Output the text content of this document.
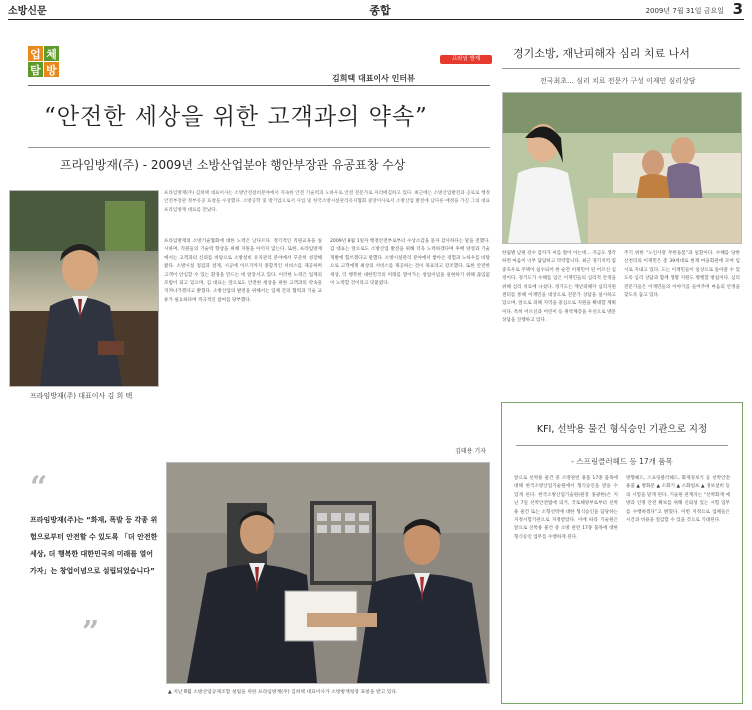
소방신문	종합	2009년 7월 31일 금요일 3
업 체
탐 방
프라임 방재
김희택 대표이사 인터뷰
“안전한 세상을 위한 고객과의 약속”
프라임방재(주) - 2009년 소방산업분야 행안부장관 유공표창 수상
프라임방재(주) 대표이사 김 희 택
프라임방재(주) 김희택 대표이사는 소방안전설비분야에서 지속한 안전 기술력과 노하우로 안전 전문가로 자리매김하고 있다. 최근에는 소방산업발전과 공로로 행정안전부장관 정부유공 표창을 수상했다. 소방공학 및 방기업으로서 사업 및 한국소방시설관리유지협회 중앙이사로서 소방산업 발전에 남다른 애정을 가진 그의 대표 프라임방재 대표를 만났다.
프라임방재의 소방기술협회에 대한 노력은 남다르다. 정기적인 직원교육을 실시하며, 직원들의 기술력 향상을 위해 지원을 아끼지 않는다. 또한, 프라임방재에서는 고객과의 신뢰를 바탕으로 소방설비 유지관리 분야에서 꾸준히 성장해 왔다. 소방시설 점검과 설계, 시공에 이르기까지 종합적인 서비스를 제공하며 고객이 안심할 수 있는 환경을 만드는 데 앞장서고 있다. 이러한 노력은 업계의 모범이 되고 있으며, 김 대표는 앞으로도 안전한 세상을 위한 고객과의 약속을 지켜나가겠다고 밝혔다. 소방산업의 발전을 위해서는 업체 간의 협력과 기술 교류가 필요하다며 적극적인 참여를 당부했다.
2009년 8월 1일자 행정안전부로부터 수상소감을 묻자 감사하다는 말을 전했다. 김 대표는 앞으로도 소방산업 발전을 위해 더욱 노력하겠다며 후배 양성과 기술 개발에 힘쓰겠다고 말했다. 소방시설관리 분야에서 쌓아온 경험과 노하우를 바탕으로 고객에게 최상의 서비스를 제공하는 것이 목표라고 강조했다. 또한 안전한 세상, 더 행복한 대한민국의 미래를 열어가는 창업이념을 실현하기 위해 끊임없이 노력할 것이라고 덧붙였다.
김태용 기자
“
프라임방재(주)는 “화재, 폭발 등 각종 위험으로부터 안전할 수 있도록 「더 안전한 세상, 더 행복한 대한민국의 미래를 열어가자」는 창업이념으로 설립되었습니다”
”
▲ 지난 8월 소방산업공제조합 설립을 위한 프라임방재(주) 김희택 대표이사가 소방방재청장 표창을 받고 있다.
경기소방, 재난피해자 심리 치료 나서
전국최초… 심리 치료 전문가 구성 이재민 심리상담
한림별 남편 강수 감자가 씨를 떨어 아는데… 지금도 생각하면 마음이 너무 답답하고 막막합니다. 최근 경기지역 집중호우로 주택이 침수되어 한 순간 이재민이 된 어르신 심정이다. 경기도가 수해를 입은 이재민들의 심리적 안정을 위해 심리 치료에 나섰다. 경기도는 재난피해자 심리지원센터를 통해 이재민을 대상으로 전문가 상담을 실시하고 있으며, 앞으로 피해 지역을 중심으로 지원을 확대할 계획이다. 특히 어르신과 어린이 등 취약계층을 우선으로 방문 상담을 진행하고 있다.
주기 위한 “노인사랑 무한돌봄”과 일환이다. 수해를 당한 신천리의 이재민은 총 39세대로 현재 마을회관에 모여 임시로 지내고 있다. 도는 이재민들이 일상으로 돌아갈 수 있도록 심리 상담과 함께 생활 지원도 병행할 방침이다. 심리 전문가들은 이재민들의 이야기를 들어주며 마음의 안정을 찾도록 돕고 있다.
KFI, 선박용 물건 형식승인 기관으로 지정
- 스프링클러헤드 등 17개 품목
앞으로 선박용 물건 중 소방관련 용품 17종 품목에 대해 한국소방산업기술원에서 형식승인을 받을 수 있게 된다. 한국소방산업기술원(원장 홍광한)은 지난 7일 선박안전법에 의거, 국토해양부로부터 선박용 물건 또는 소형선박에 대한 형식승인을 담당하는 지정시험기관으로 지정받았다. 이에 따라 기술원은 앞으로 선박용 물건 중 소방 관련 17종 품목에 대한 형식승인 업무를 수행하게 된다.
방향헤드, 스프링클러헤드, 화재경보기 등 선박안전용품 ▲ 방화문 ▲ 소화기 ▲ 소화펌프 ▲ 경보설비 등의 시험을 맡게 된다. 기술원 관계자는 “선박화재 예방과 인명 안전 확보를 위해 신뢰성 있는 시험 업무를 수행하겠다”고 밝혔다. 이번 지정으로 업체들은 시간과 비용을 절감할 수 있을 것으로 기대된다.
